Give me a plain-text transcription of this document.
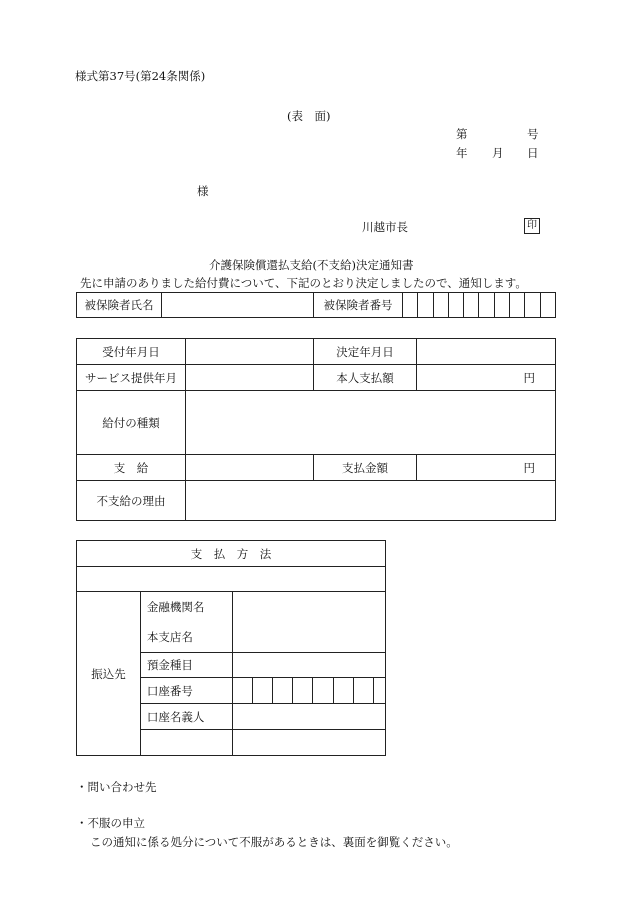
様式第37号(第24条関係)
(表　面)
第	号
年 月 日
様
川越市長	印
介護保険償還払支給(不支給)決定通知書
先に申請のありました給付費について、下記のとおり決定しましたので、通知します。
被保険者氏名		被保険者番号										
受付年月日		決定年月日	
サービス提供年月		本人支払額	円
給付の種類			
支　給		支払金額	円
不支給の理由			
支　払　方　法									

振込先	金融機関名
本支店名								

	預金種目								
	口座番号								
	口座名義人								

・問い合わせ先
・不服の申立
この通知に係る処分について不服があるときは、裏面を御覧ください。
